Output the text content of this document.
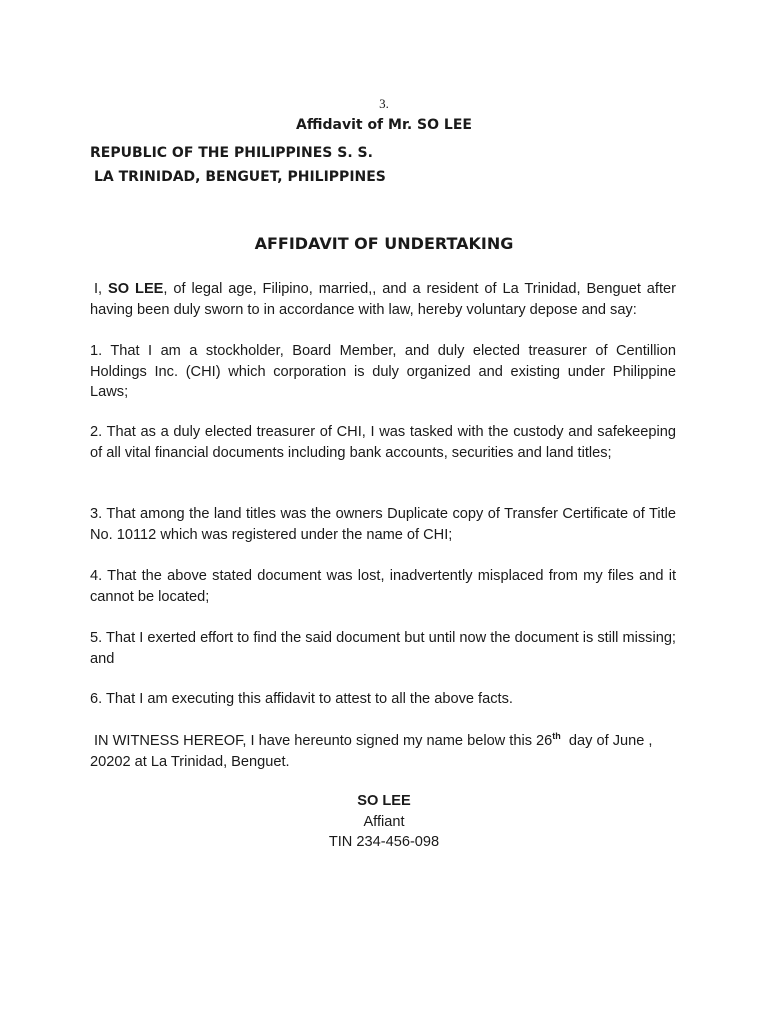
3.
Affidavit of Mr. SO LEE
REPUBLIC OF THE PHILIPPINES S. S.
LA TRINIDAD, BENGUET, PHILIPPINES
AFFIDAVIT OF UNDERTAKING
I, SO LEE, of legal age, Filipino, married,, and a resident of La Trinidad, Benguet after having been duly sworn to in accordance with law, hereby voluntary depose and say:
1. That I am a stockholder, Board Member, and duly elected treasurer of Centillion Holdings Inc. (CHI) which corporation is duly organized and existing under Philippine Laws;
2. That as a duly elected treasurer of CHI, I was tasked with the custody and safekeeping of all vital financial documents including bank accounts, securities and land titles;
3. That among the land titles was the owners Duplicate copy of Transfer Certificate of Title No. 10112 which was registered under the name of CHI;
4. That the above stated document was lost, inadvertently misplaced from my files and it cannot be located;
5. That I exerted effort to find the said document but until now the document is still missing; and
6. That I am executing this affidavit to attest to all the above facts.
IN WITNESS HEREOF, I have hereunto signed my name below this 26th  day of June , 20202 at La Trinidad, Benguet.
SO LEE
Affiant
TIN 234-456-098
